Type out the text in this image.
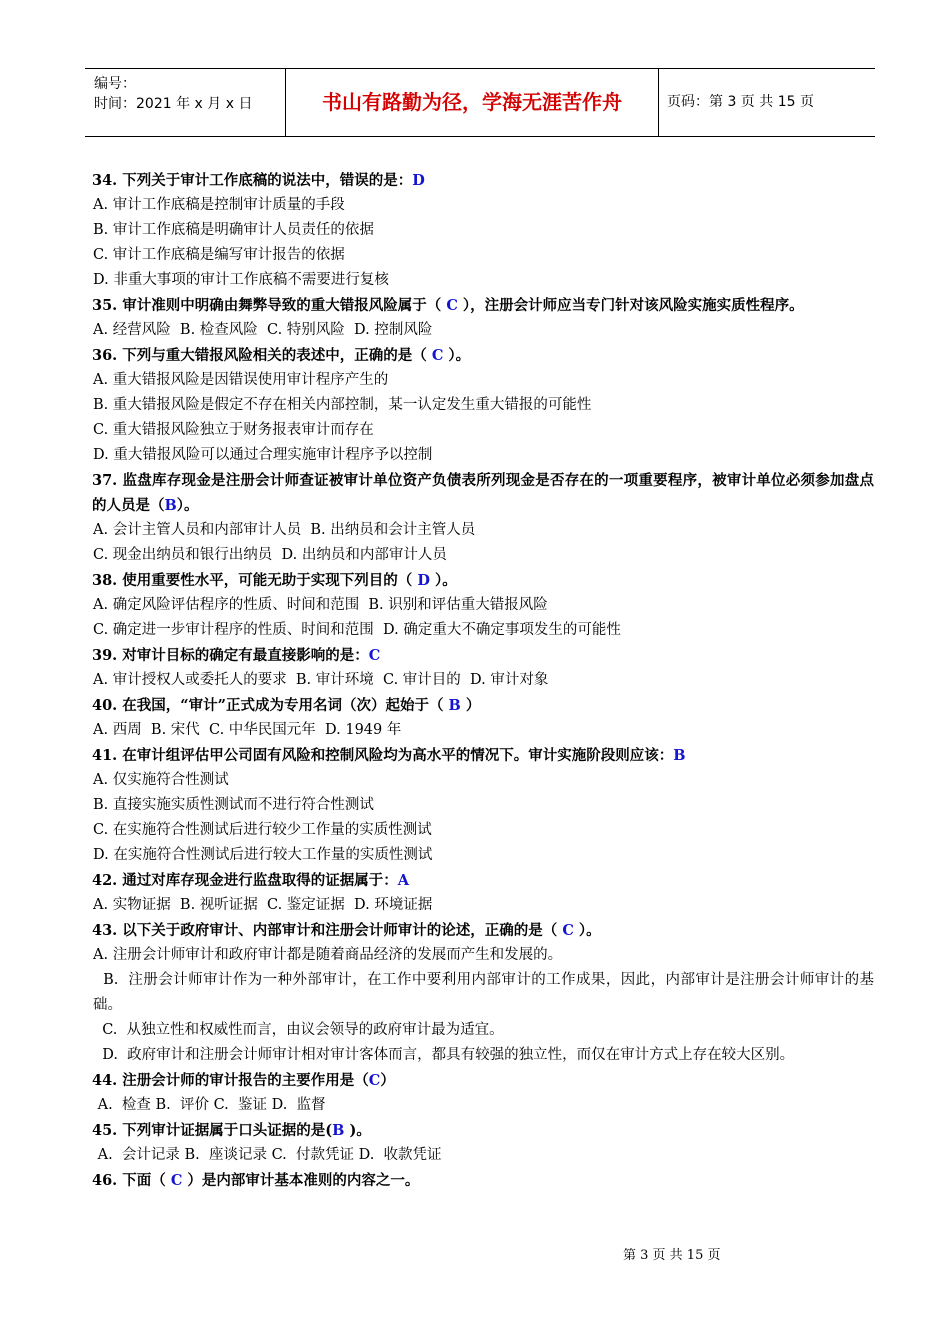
编号：
时间：2021 年 x 月 x 日	书山有路勤为径，学海无涯苦作舟	页码：第 3 页 共 15 页
34. 下列关于审计工作底稿的说法中，错误的是：D
A. 审计工作底稿是控制审计质量的手段
B. 审计工作底稿是明确审计人员责任的依据
C. 审计工作底稿是编写审计报告的依据
D. 非重大事项的审计工作底稿不需要进行复核
35. 审计准则中明确由舞弊导致的重大错报风险属于（ C ），注册会计师应当专门针对该风险实施实质性程序。
A. 经营风险  B. 检查风险  C. 特别风险  D. 控制风险
36. 下列与重大错报风险相关的表述中，正确的是（ C ）。
A. 重大错报风险是因错误使用审计程序产生的
B. 重大错报风险是假定不存在相关内部控制，某一认定发生重大错报的可能性
C. 重大错报风险独立于财务报表审计而存在
D. 重大错报风险可以通过合理实施审计程序予以控制
37. 监盘库存现金是注册会计师查证被审计单位资产负债表所列现金是否存在的一项重要程序，被审计单位必须参加盘点的人员是（B）。
A. 会计主管人员和内部审计人员  B. 出纳员和会计主管人员
C. 现金出纳员和银行出纳员  D. 出纳员和内部审计人员
38. 使用重要性水平，可能无助于实现下列目的（ D ）。
A. 确定风险评估程序的性质、时间和范围  B. 识别和评估重大错报风险
C. 确定进一步审计程序的性质、时间和范围  D. 确定重大不确定事项发生的可能性
39. 对审计目标的确定有最直接影响的是：C
A. 审计授权人或委托人的要求  B. 审计环境  C. 审计目的  D. 审计对象
40. 在我国，“审计”正式成为专用名词（次）起始于（ B ）
A. 西周  B. 宋代  C. 中华民国元年  D. 1949 年
41. 在审计组评估甲公司固有风险和控制风险均为高水平的情况下。审计实施阶段则应该：B
A. 仅实施符合性测试
B. 直接实施实质性测试而不进行符合性测试
C. 在实施符合性测试后进行较少工作量的实质性测试
D. 在实施符合性测试后进行较大工作量的实质性测试
42. 通过对库存现金进行监盘取得的证据属于：A
A. 实物证据  B. 视听证据  C. 鉴定证据  D. 环境证据
43. 以下关于政府审计、内部审计和注册会计师审计的论述，正确的是（ C ）。
A. 注册会计师审计和政府审计都是随着商品经济的发展而产生和发展的。
B.  注册会计师审计作为一种外部审计，在工作中要利用内部审计的工作成果，因此，内部审计是注册会计师审计的基础。
C.  从独立性和权威性而言，由议会领导的政府审计最为适宜。
D.  政府审计和注册会计师审计相对审计客体而言，都具有较强的独立性，而仅在审计方式上存在较大区别。
44. 注册会计师的审计报告的主要作用是（C）
A.  检查 B.  评价 C.  鉴证 D.  监督
45. 下列审计证据属于口头证据的是(B )。
A.  会计记录 B.  座谈记录 C.  付款凭证 D.  收款凭证
46. 下面（ C ）是内部审计基本准则的内容之一。
第 3 页 共 15 页
